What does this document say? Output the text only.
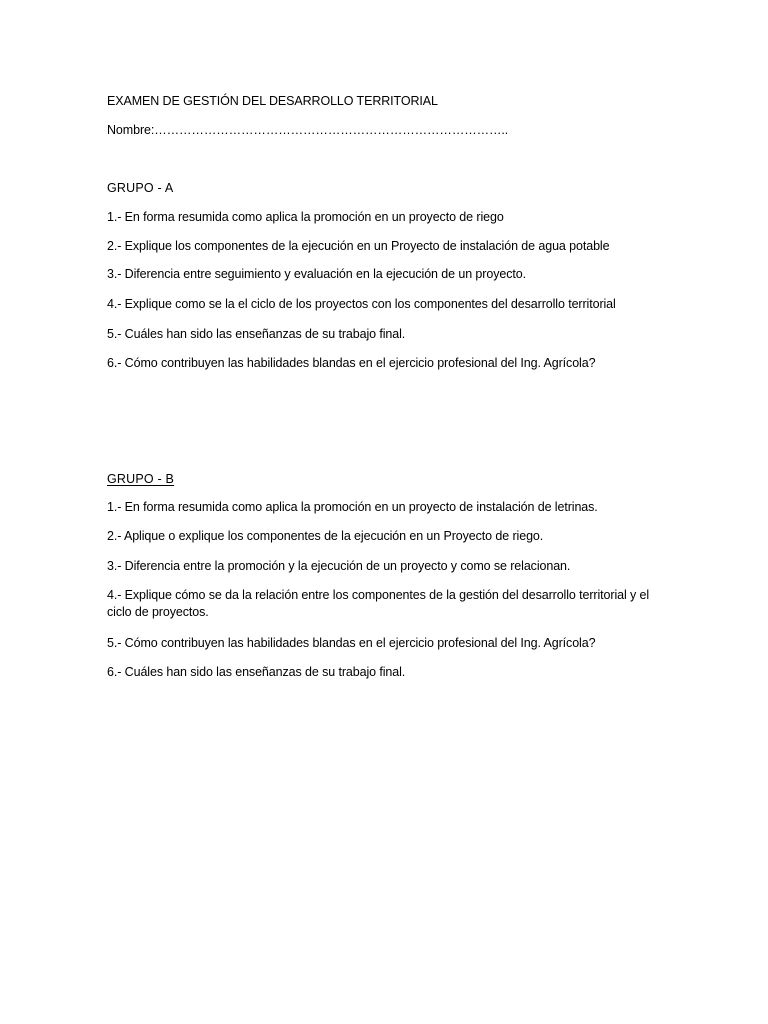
EXAMEN DE GESTIÓN DEL DESARROLLO TERRITORIAL
Nombre:…………………………………………………………………………..
GRUPO - A
1.- En forma resumida como aplica la promoción en un proyecto de riego
2.- Explique los componentes de la ejecución en un Proyecto de instalación de agua potable
3.- Diferencia entre seguimiento y evaluación en la ejecución de un proyecto.
4.- Explique como se la el ciclo de los proyectos con los componentes del desarrollo territorial
5.- Cuáles han sido las enseñanzas de su trabajo final.
6.- Cómo contribuyen las habilidades blandas en el ejercicio profesional del Ing. Agrícola?
GRUPO - B
1.- En forma resumida como aplica la promoción en un proyecto de instalación de letrinas.
2.- Aplique o explique los componentes de la ejecución en un Proyecto de riego.
3.- Diferencia entre la promoción y la ejecución de un proyecto y como se relacionan.
4.- Explique cómo se da la relación entre los componentes de la gestión del desarrollo territorial y el ciclo de proyectos.
5.- Cómo contribuyen las habilidades blandas en el ejercicio profesional del Ing. Agrícola?
6.- Cuáles han sido las enseñanzas de su trabajo final.
